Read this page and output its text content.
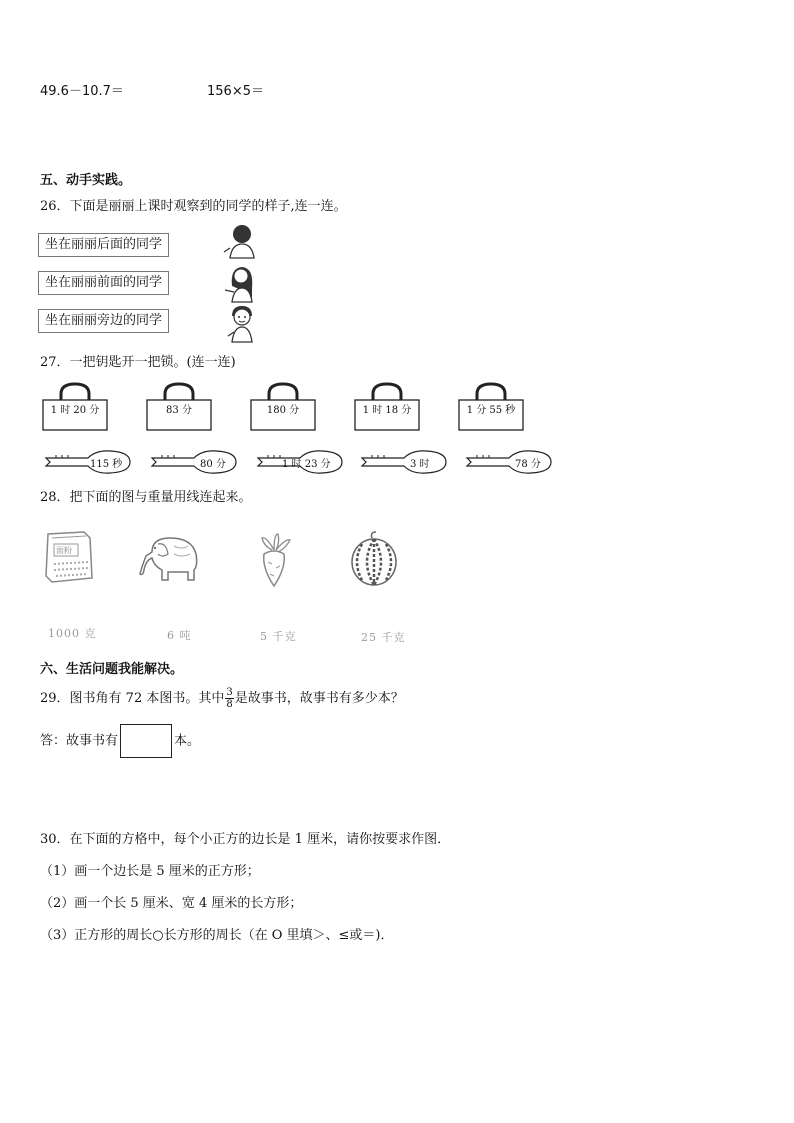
49.6－10.7＝	156×5＝
五、动手实践。
26．下面是丽丽上课时观察到的同学的样子,连一连。
坐在丽丽后面的同学
坐在丽丽前面的同学
坐在丽丽旁边的同学
27．一把钥匙开一把锁。(连一连)
1 时 20 分	83 分	180 分	1 时 18 分	1 分 55 秒
115 秒	80 分	1 时 23 分	3 时	78 分
28．把下面的图与重量用线连起来。
面粉
1000 克	6 吨	5 千克	25 千克
六、生活问题我能解决。
29．图书角有 72 本图书。其中 $\frac{3}{8}$ 是故事书，故事书有多少本？
答：故事书有	本。
30．在下面的方格中，每个小正方的边长是 1 厘米，请你按要求作图．
（1）画一个边长是 5 厘米的正方形；
（2）画一个长 5 厘米、宽 4 厘米的长方形；
（3）正方形的周长○长方形的周长（在 O 里填＞、≤或＝)．
